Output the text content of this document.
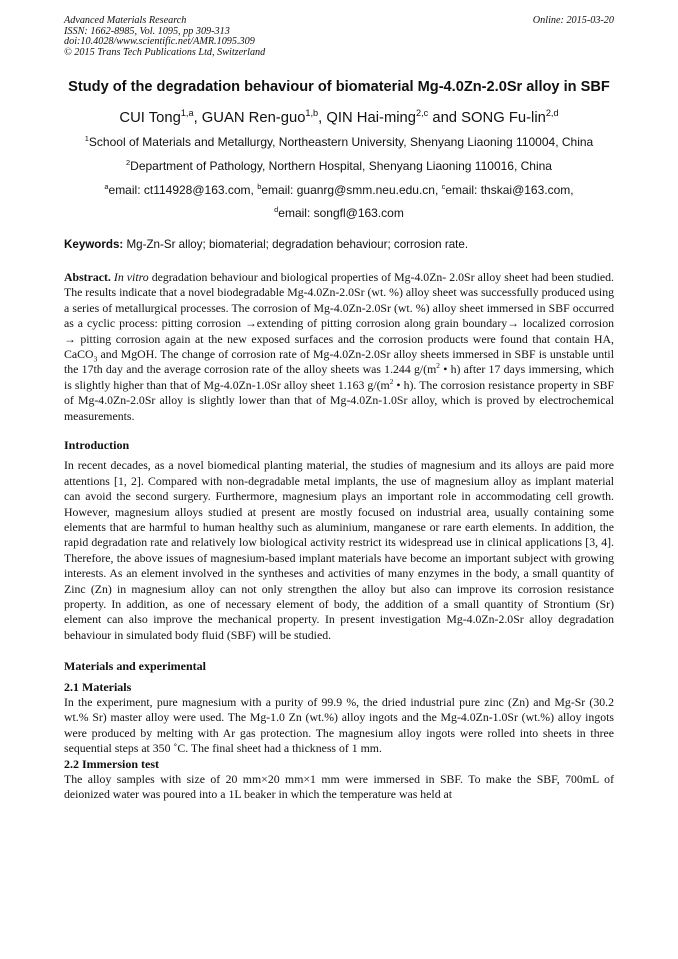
Advanced Materials Research
ISSN: 1662-8985, Vol. 1095, pp 309-313
doi:10.4028/www.scientific.net/AMR.1095.309
© 2015 Trans Tech Publications Ltd, Switzerland
Online: 2015-03-20
Study of the degradation behaviour of biomaterial Mg-4.0Zn-2.0Sr alloy in SBF
CUI Tong$^{1,a}$, GUAN Ren-guo$^{1,b}$, QIN Hai-ming$^{2,c}$ and SONG Fu-lin$^{2,d}$
$^1$School of Materials and Metallurgy, Northeastern University, Shenyang Liaoning 110004, China
$^2$Department of Pathology, Northern Hospital, Shenyang Liaoning 110016, China
$^a$email: ct114928@163.com, $^b$email: guanrg@smm.neu.edu.cn, $^c$email: thskai@163.com,
$^d$email: songfl@163.com
Keywords: Mg-Zn-Sr alloy; biomaterial; degradation behaviour; corrosion rate.
Abstract. In vitro degradation behaviour and biological properties of Mg-4.0Zn- 2.0Sr alloy sheet had been studied. The results indicate that a novel biodegradable Mg-4.0Zn-2.0Sr (wt. %) alloy sheet was successfully produced using a series of metallurgical processes. The corrosion of Mg-4.0Zn-2.0Sr (wt. %) alloy sheet immersed in SBF occurred as a cyclic process: pitting corrosion →extending of pitting corrosion along grain boundary→ localized corrosion → pitting corrosion again at the new exposed surfaces and the corrosion products were found that contain HA, CaCO$_3$ and MgOH. The change of corrosion rate of Mg-4.0Zn-2.0Sr alloy sheets immersed in SBF is unstable until the 17th day and the average corrosion rate of the alloy sheets was 1.244 $g/(m^2$ • h) after 17 days immersing, which is slightly higher than that of Mg-4.0Zn-1.0Sr alloy sheet 1.163 $g/(m^2$ • h). The corrosion resistance property in SBF of Mg-4.0Zn-2.0Sr alloy is slightly lower than that of Mg-4.0Zn-1.0Sr alloy, which is proved by electrochemical measurements.
Introduction
In recent decades, as a novel biomedical planting material, the studies of magnesium and its alloys are paid more attentions [1, 2]. Compared with non-degradable metal implants, the use of magnesium alloy as implant material can avoid the second surgery. Furthermore, magnesium plays an important role in accommodating cell growth. However, magnesium alloys studied at present are mostly focused on industrial area, usually containing some elements that are harmful to human healthy such as aluminium, manganese or rare earth elements. In addition, the rapid degradation rate and relatively low biological activity restrict its widespread use in clinical applications [3, 4]. Therefore, the above issues of magnesium-based implant materials have become an important subject with growing interests. As an element involved in the syntheses and activities of many enzymes in the body, a small quantity of Zinc (Zn) in magnesium alloy can not only strengthen the alloy but also can improve its corrosion resistance property. In addition, as one of necessary element of body, the addition of a small quantity of Strontium (Sr) element can also improve the mechanical property. In present investigation Mg-4.0Zn-2.0Sr alloy degradation behaviour in simulated body fluid (SBF) will be studied.
Materials and experimental
2.1 Materials
In the experiment, pure magnesium with a purity of 99.9 %, the dried industrial pure zinc (Zn) and Mg-Sr (30.2 wt.% Sr) master alloy were used. The Mg-1.0 Zn (wt.%) alloy ingots and the Mg-4.0Zn-1.0Sr (wt.%) alloy ingots were produced by melting with Ar gas protection. The magnesium alloy ingots were rolled into sheets in three sequential steps at 350 ˚C. The final sheet had a thickness of 1 mm.
2.2 Immersion test
The alloy samples with size of 20 mm×20 mm×1 mm were immersed in SBF. To make the SBF, 700mL of deionized water was poured into a 1L beaker in which the temperature was held at
